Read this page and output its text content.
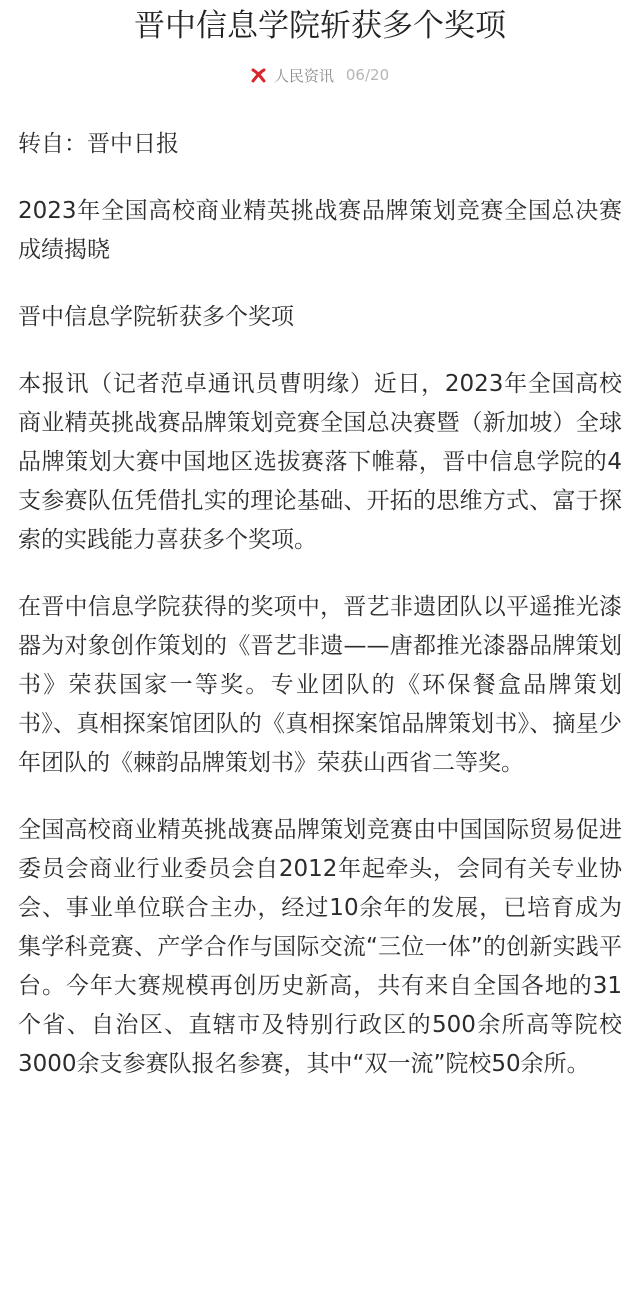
晋中信息学院斩获多个奖项
人民资讯 06/20

转自：晋中日报

2023年全国高校商业精英挑战赛品牌策划竞赛全国总决赛成绩揭晓

晋中信息学院斩获多个奖项

本报讯（记者范卓通讯员曹明缘）近日，2023年全国高校商业精英挑战赛品牌策划竞赛全国总决赛暨（新加坡）全球品牌策划大赛中国地区选拔赛落下帷幕，晋中信息学院的4支参赛队伍凭借扎实的理论基础、开拓的思维方式、富于探索的实践能力喜获多个奖项。

在晋中信息学院获得的奖项中，晋艺非遗团队以平遥推光漆器为对象创作策划的《晋艺非遗——唐都推光漆器品牌策划书》荣获国家一等奖。专业团队的《环保餐盒品牌策划书》、真相探案馆团队的《真相探案馆品牌策划书》、摘星少年团队的《棘韵品牌策划书》荣获山西省二等奖。

全国高校商业精英挑战赛品牌策划竞赛由中国国际贸易促进委员会商业行业委员会自2012年起牵头，会同有关专业协会、事业单位联合主办，经过10余年的发展，已培育成为集学科竞赛、产学合作与国际交流“三位一体”的创新实践平台。今年大赛规模再创历史新高，共有来自全国各地的31个省、自治区、直辖市及特别行政区的500余所高等院校3000余支参赛队报名参赛，其中“双一流”院校50余所。
